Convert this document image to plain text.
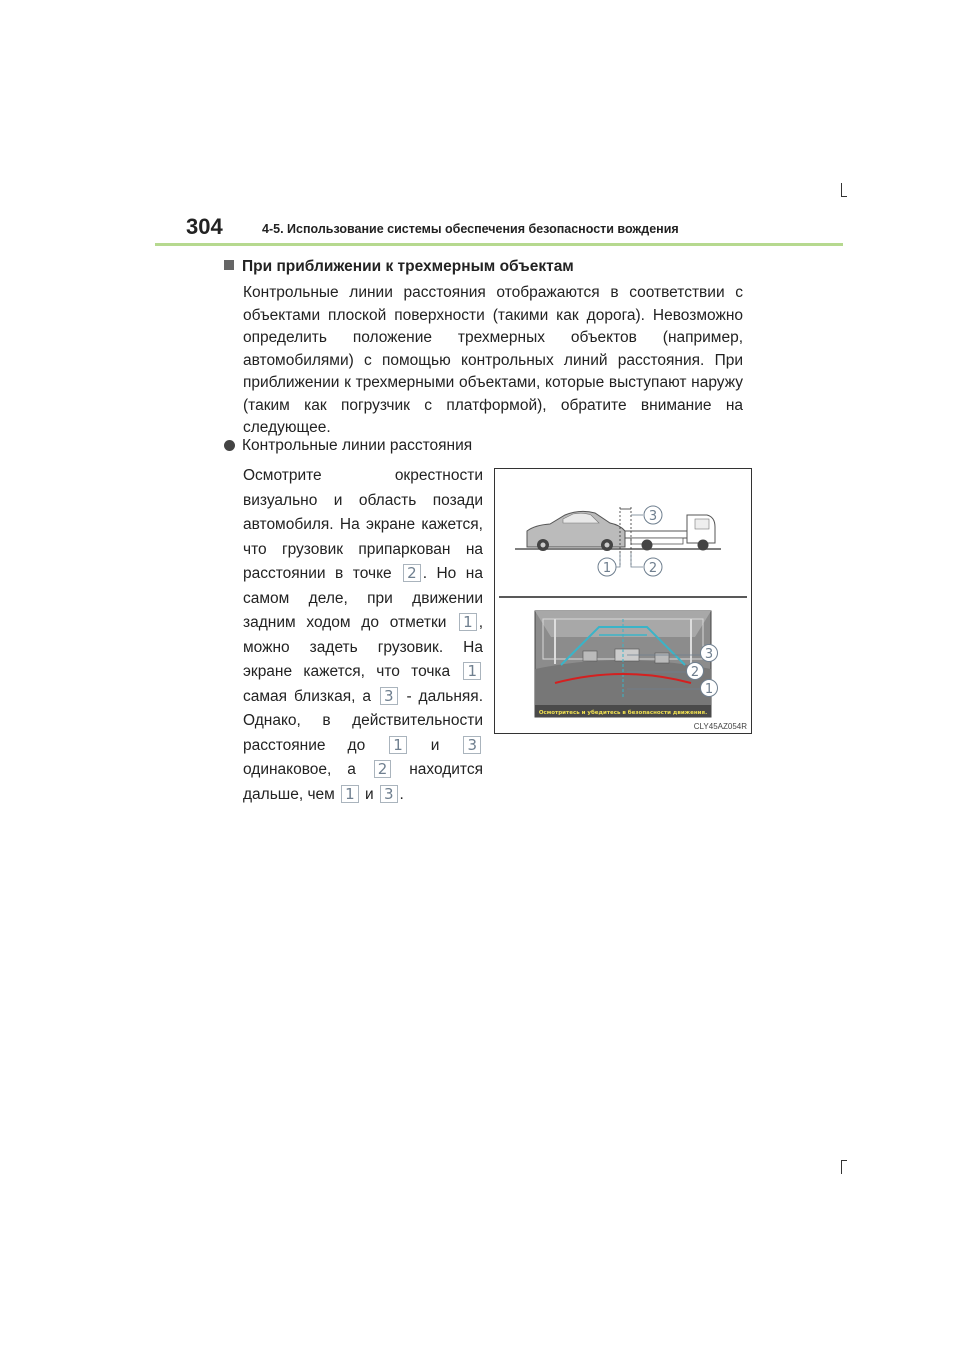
304	4-5. Использование системы обеспечения безопасности вождения
При приближении к трехмерным объектам

Контрольные линии расстояния отображаются в соответствии с объектами плоской поверхности (такими как дорога). Невозможно определить положение трехмерных объектов (например, автомобилями) с помощью контрольных линий расстояния. При приближении к трехмерными объектами, которые выступают наружу (таким как погрузчик с платформой), обратите внимание на следующее.

Контрольные линии расстояния

Осмотрите окрестности визуально и область позади автомобиля. На экране кажется, что грузовик припаркован на расстоянии в точке 2 . Но на самом деле, при движении задним ходом до отметки 1 , можно задеть грузовик. На экране кажется, что точка 1 самая близкая, а 3 - дальняя. Однако, в действительности расстояние до 1 и 3 одинаковое, а 2 находится дальше, чем 1 и 3 .

3
1	2
3
2
1
Осмотритесь и убедитесь в безопасности движения.
CLY45AZ054R
